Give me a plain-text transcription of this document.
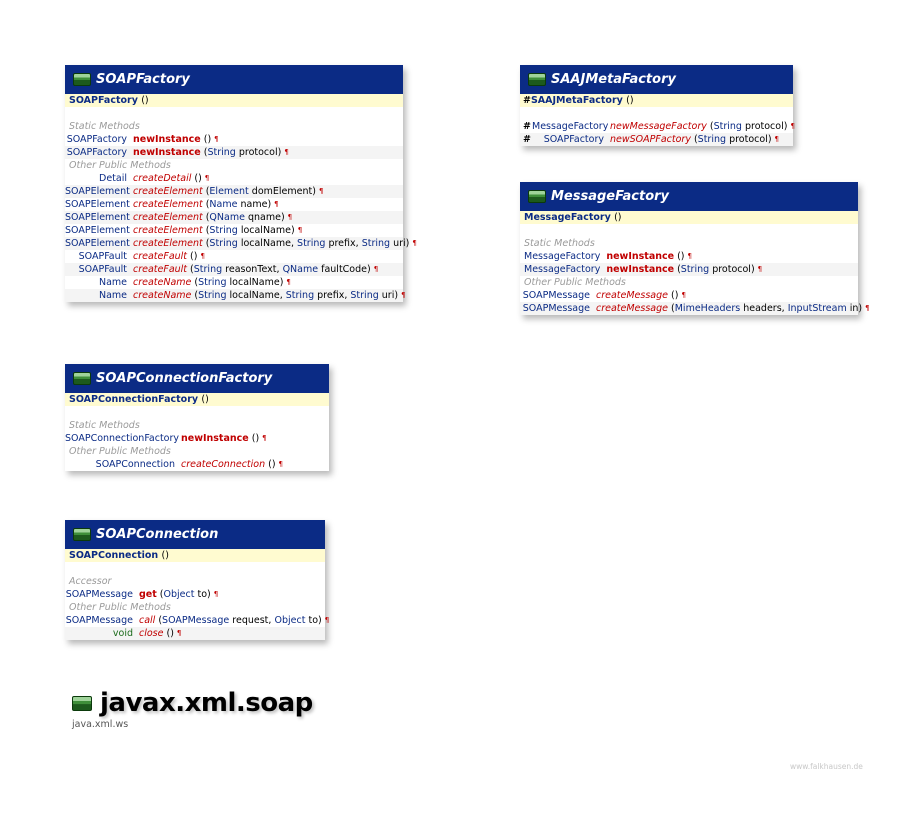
SOAPFactory
SOAPFactory ()
Static Methods
SOAPFactory newInstance () ¶
SOAPFactory newInstance ( String
protocol ) ¶
Other Public Methods
Detail createDetail () ¶
SOAPElement createElement ( Element
domElement ) ¶
SOAPElement createElement ( Name
name ) ¶
SOAPElement createElement ( QName
qname ) ¶
SOAPElement createElement ( String
localName ) ¶
SOAPElement createElement ( String
localName ,
String
prefix ,
String
uri ) ¶
SOAPFault createFault () ¶
SOAPFault createFault ( String
reasonText ,
QName
faultCode ) ¶
Name createName ( String
localName ) ¶
Name createName ( String
localName ,
String
prefix ,
String
uri ) ¶
SAAJMetaFactory
#SAAJMetaFactory ()
# MessageFactory newMessageFactory ( String
protocol ) ¶
#	SOAPFactory newSOAPFactory ( String
protocol ) ¶
MessageFactory
MessageFactory ()
Static Methods
MessageFactory newInstance () ¶
MessageFactory newInstance ( String
protocol ) ¶
Other Public Methods
SOAPMessage createMessage () ¶
SOAPMessage createMessage ( MimeHeaders
headers ,
InputStream
in ) ¶
SOAPConnectionFactory
SOAPConnectionFactory ()
Static Methods
SOAPConnectionFactory newInstance () ¶
Other Public Methods
SOAPConnection createConnection () ¶
SOAPConnection
SOAPConnection ()
Accessor
SOAPMessage get ( Object
to ) ¶
Other Public Methods
SOAPMessage call ( SOAPMessage
request ,
Object
to ) ¶
void close () ¶
javax.xml.soap
java.xml.ws
www.falkhausen.de
